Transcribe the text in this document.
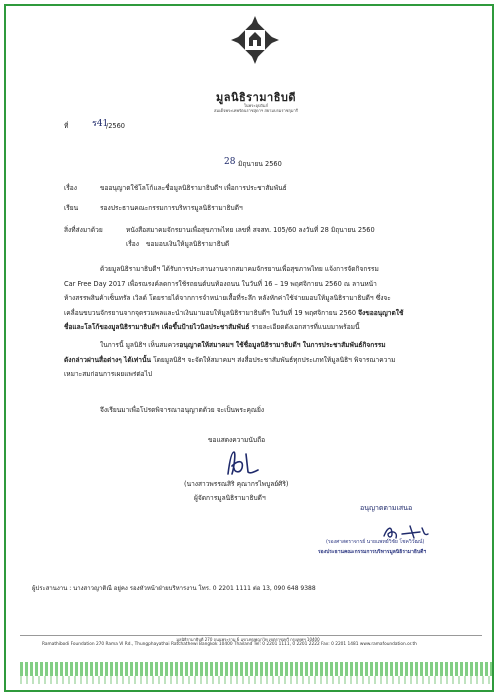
มูลนิธิรามาธิบดี
ในพระอุปถัมภ์
สมเด็จพระเทพรัตนราชสุดาฯ สยามบรมราชกุมารี
ที่	ร41
/2560
28 มิถุนายน 2560
เรื่อง	ขออนุญาตใช้โลโก้และชื่อมูลนิธิรามาธิบดีฯ เพื่อการประชาสัมพันธ์
เรียน	รองประธานคณะกรรมการบริหารมูลนิธิรามาธิบดีฯ
สิ่งที่ส่งมาด้วย	หนังสือสมาคมจักรยานเพื่อสุขภาพไทย เลขที่ สจสท. 105/60 ลงวันที่ 28 มิถุนายน 2560
เรื่อง ขอมอบเงินให้มูลนิธิรามาธิบดี
ด้วยมูลนิธิรามาธิบดีฯ ได้รับการประสานงานจากสมาคมจักรยานเพื่อสุขภาพไทย แจ้งการจัดกิจกรรม
Car Free Day 2017 เพื่อรณรงค์ลดการใช้รถยนต์บนท้องถนน ในวันที่ 16 – 19 พฤศจิกายน 2560 ณ ลานหน้า
ห้างสรรพสินค้าเซ็นทรัล เวิลด์ โดยรายได้จากการจำหน่ายเสื้อที่ระลึก หลังหักค่าใช้จ่ายมอบให้มูลนิธิรามาธิบดีฯ ซึ่งจะ
เคลื่อนขบวนจักรยานจากจุดรวมพลและนำเงินมามอบให้มูลนิธิรามาธิบดีฯ ในวันที่ 19 พฤศจิกายน 2560 จึงขออนุญาตใช้
ชื่อและโลโก้ของมูลนิธิรามาธิบดีฯ เพื่อขึ้นป้ายไวนิลประชาสัมพันธ์ รายละเอียดดังเอกสารที่แนบมาพร้อมนี้
ในการนี้ มูลนิธิฯ เห็นสมควรอนุญาตให้สมาคมฯ ใช้ชื่อมูลนิธิรามาธิบดีฯ ในการประชาสัมพันธ์กิจกรรม
ดังกล่าวผ่านสื่อต่างๆ ได้เท่านั้น โดยมูลนิธิฯ จะจัดให้สมาคมฯ ส่งสื่อประชาสัมพันธ์ทุกประเภทให้มูลนิธิฯ พิจารณาความ
เหมาะสมก่อนการเผยแพร่ต่อไป
จึงเรียนมาเพื่อโปรดพิจารณาอนุญาตด้วย จะเป็นพระคุณยิ่ง
ขอแสดงความนับถือ
(นางสาวพรรณสิริ คุณากรไพบูลย์ศิริ)
ผู้จัดการมูลนิธิรามาธิบดีฯ
อนุญาตตามเสนอ
(รองศาสตราจารย์ นายแพทย์วิชัย โชควิวัฒน์)
รองประธานคณะกรรมการบริหารมูลนิธิรามาธิบดีฯ
ผู้ประสานงาน : นางสาวญาติณี อยู่คง รองหัวหน้าฝ่ายบริหารงาน โทร. 0 2201 1111 ต่อ 13, 090 648 9388
มูลนิธิรามาธิบดี 270 ถนนพระราม 6 แขวงทุ่งพญาไท เขตราชเทวี กรุงเทพฯ 10400
Ramathibodi Foundation 270 Rama VI Rd., Thungphayathai Ratchathewi Bangkok 10400 Thailand Tel: 0 2201 1111, 0 2201 2222 Fax: 0 2201 1481 www.ramafoundation.or.th
